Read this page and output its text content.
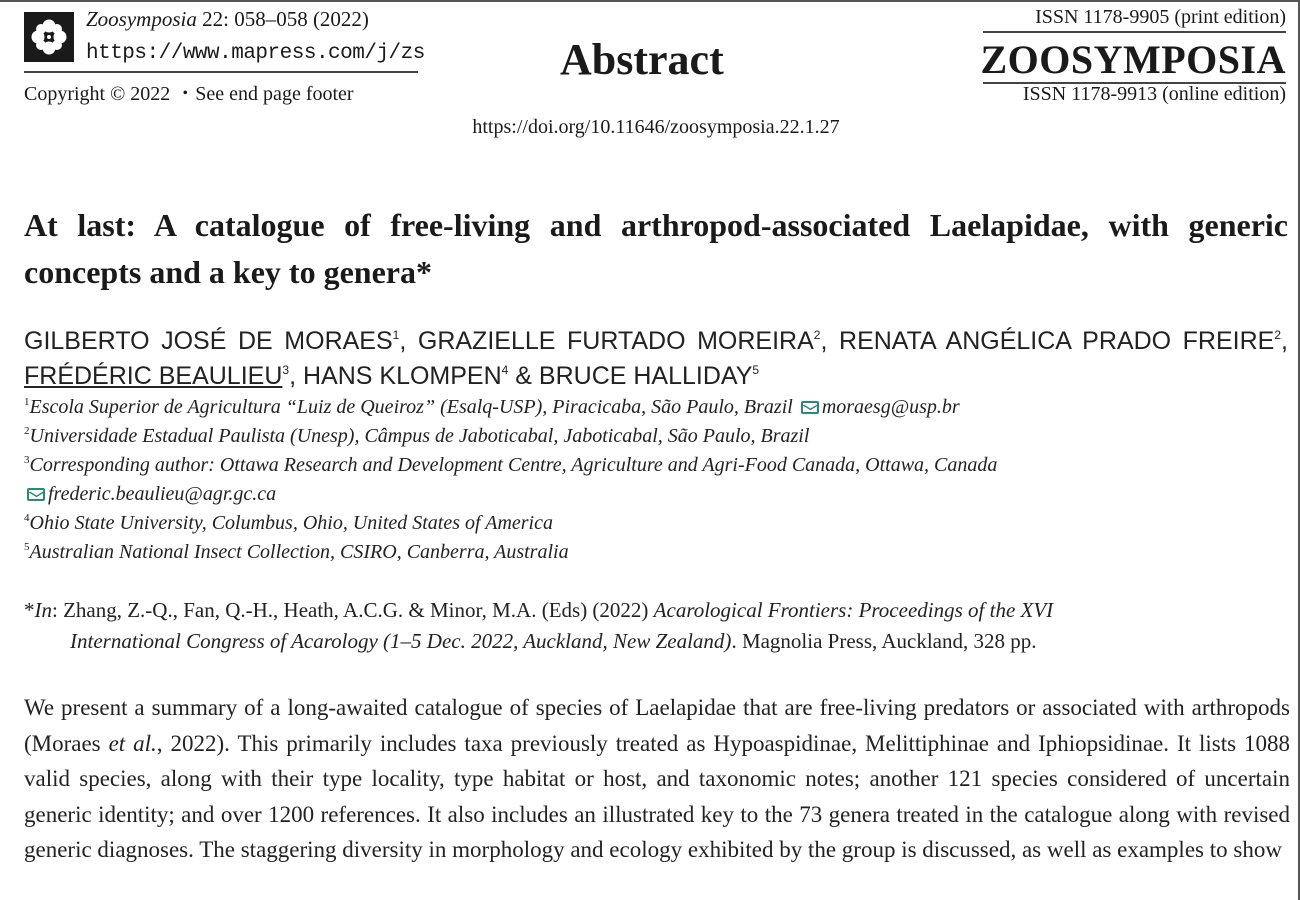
Zoosymposia 22: 058–058 (2022)
https://www.mapress.com/j/zs
Copyright © 2022 ・See end page footer
Abstract
ISSN 1178-9905 (print edition)
ZOOSYMPOSIA
ISSN 1178-9913 (online edition)
https://doi.org/10.11646/zoosymposia.22.1.27
At last: A catalogue of free-living and arthropod-associated Laelapidae, with generic concepts and a key to genera*
GILBERTO JOSÉ DE MORAES$^1$, GRAZIELLE FURTADO MOREIRA$^2$, RENATA ANGÉLICA PRADO FREIRE$^2$, FRÉDÉRIC BEAULIEU$^3$, HANS KLOMPEN$^4$ & BRUCE HALLIDAY$^5$
$^1$Escola Superior de Agricultura “Luiz de Queiroz” (Esalq-USP), Piracicaba, São Paulo, Brazil moraesg@usp.br
$^2$Universidade Estadual Paulista (Unesp), Câmpus de Jaboticabal, Jaboticabal, São Paulo, Brazil
$^3$Corresponding author: Ottawa Research and Development Centre, Agriculture and Agri-Food Canada, Ottawa, Canada
frederic.beaulieu@agr.gc.ca
$^4$Ohio State University, Columbus, Ohio, United States of America
$^5$Australian National Insect Collection, CSIRO, Canberra, Australia
*In: Zhang, Z.-Q., Fan, Q.-H., Heath, A.C.G. & Minor, M.A. (Eds) (2022) Acarological Frontiers: Proceedings of the XVI
International Congress of Acarology (1–5 Dec. 2022, Auckland, New Zealand). Magnolia Press, Auckland, 328 pp.
We present a summary of a long-awaited catalogue of species of Laelapidae that are free-living predators or associated with arthropods (Moraes et al., 2022). This primarily includes taxa previously treated as Hypoaspidinae, Melittiphinae and Iphiopsidinae. It lists 1088 valid species, along with their type locality, type habitat or host, and taxonomic notes; another 121 species considered of uncertain generic identity; and over 1200 references. It also includes an illustrated key to the 73 genera treated in the catalogue along with revised generic diagnoses. The staggering diversity in morphology and ecology exhibited by the group is discussed, as well as examples to show
